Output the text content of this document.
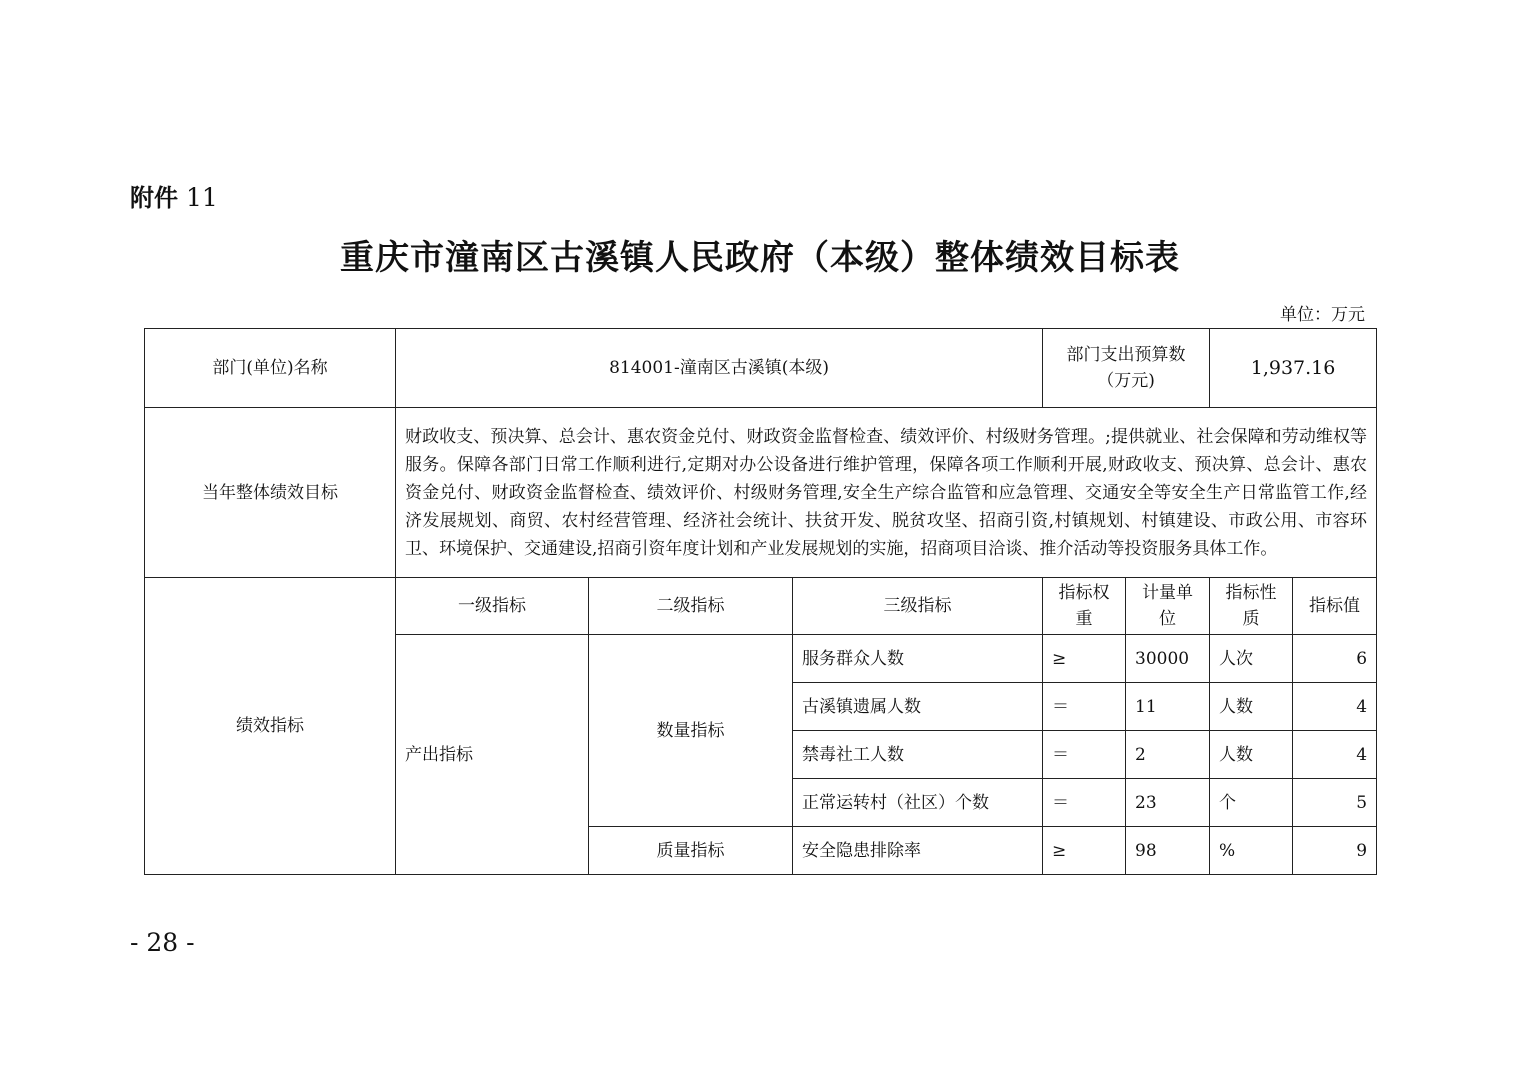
附件 11
重庆市潼南区古溪镇人民政府（本级）整体绩效目标表
单位：万元
部门(单位)名称	814001-潼南区古溪镇(本级)			部门支出预算数（万元)		1,937.16	
当年整体绩效目标	财政收支、预决算、总会计、惠农资金兑付、财政资金监督检查、绩效评价、村级财务管理。;提供就业、社会保障和劳动维权等服务。保障各部门日常工作顺利进行,定期对办公设备进行维护管理，保障各项工作顺利开展,财政收支、预决算、总会计、惠农资金兑付、财政资金监督检查、绩效评价、村级财务管理,安全生产综合监管和应急管理、交通安全等安全生产日常监管工作,经济发展规划、商贸、农村经营管理、经济社会统计、扶贫开发、脱贫攻坚、招商引资,村镇规划、村镇建设、市政公用、市容环卫、环境保护、交通建设,招商引资年度计划和产业发展规划的实施，招商项目洽谈、推介活动等投资服务具体工作。						
绩效指标	一级指标	二级指标	三级指标	指标权重	计量单位	指标性质	指标值
	产出指标	数量指标	服务群众人数	≥	30000	人次	6
			古溪镇遗属人数	＝	11	人数	4
			禁毒社工人数	＝	2	人数	4
			正常运转村（社区）个数	＝	23	个	5
		质量指标	安全隐患排除率	≥	98	%	9
- 28 -
